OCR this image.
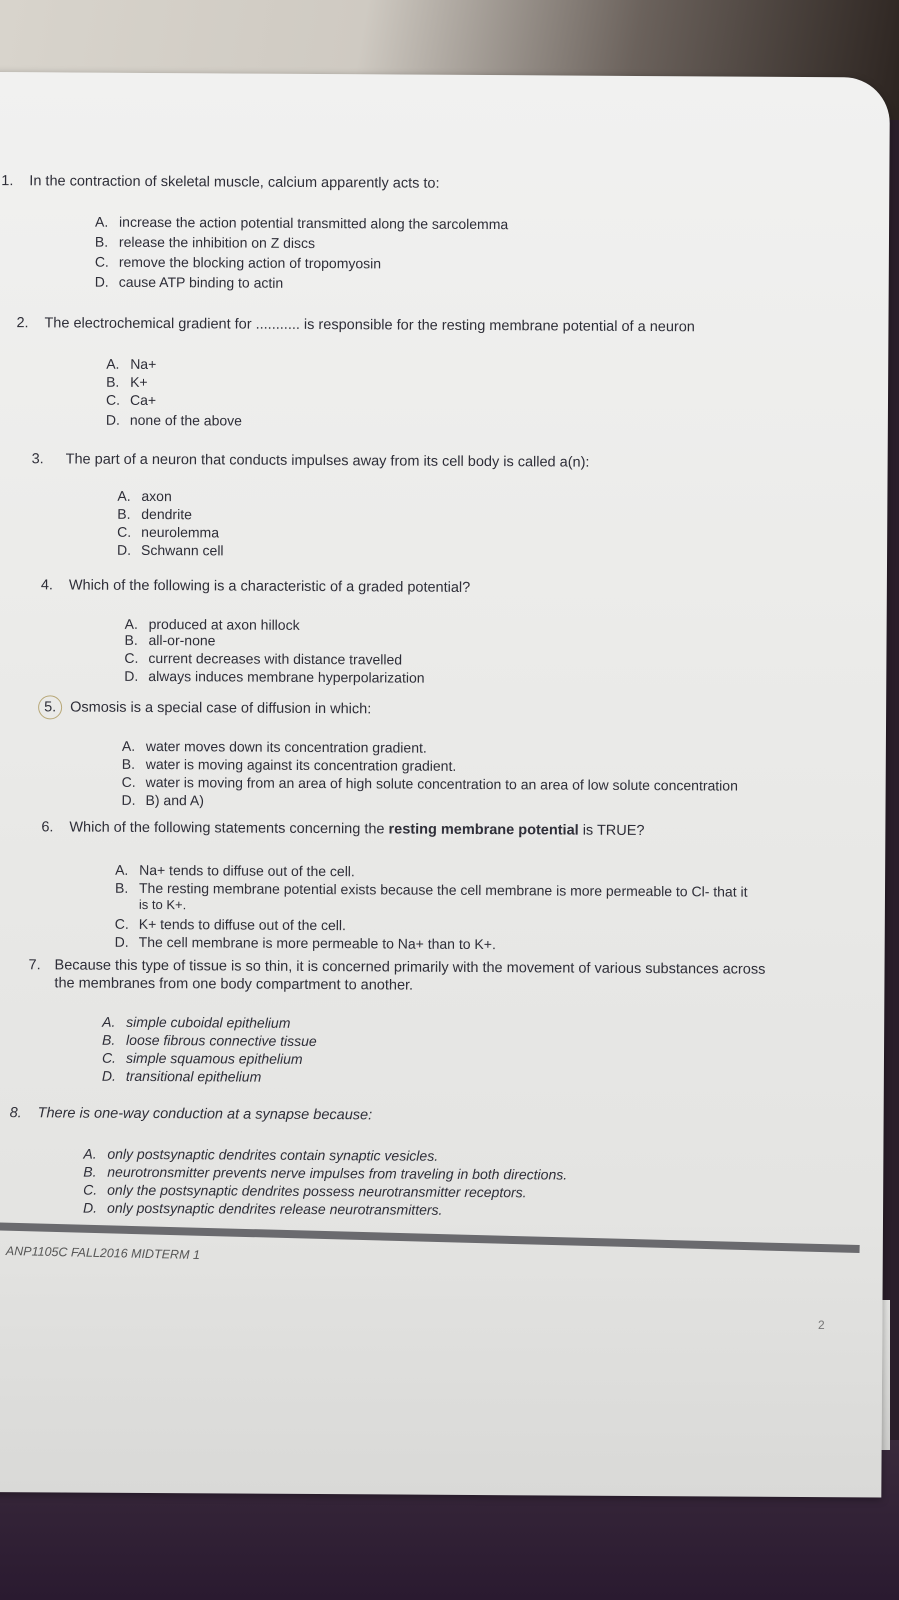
1. In the contraction of skeletal muscle, calcium apparently acts to:
A. increase the action potential transmitted along the sarcolemma
B. release the inhibition on Z discs
C. remove the blocking action of tropomyosin
D. cause ATP binding to actin
2. The electrochemical gradient for ........... is responsible for the resting membrane potential of a neuron
A. Na+
B. K+
C. Ca+
D. none of the above
3. The part of a neuron that conducts impulses away from its cell body is called a(n):
A. axon
B. dendrite
C. neurolemma
D. Schwann cell
4. Which of the following is a characteristic of a graded potential?
A. produced at axon hillock
B. all-or-none
C. current decreases with distance travelled
D. always induces membrane hyperpolarization
5. Osmosis is a special case of diffusion in which:
A. water moves down its concentration gradient.
B. water is moving against its concentration gradient.
C. water is moving from an area of high solute concentration to an area of low solute concentration
D. B) and A)
6. Which of the following statements concerning the resting membrane potential is TRUE?
A. Na+ tends to diffuse out of the cell.
B. The resting membrane potential exists because the cell membrane is more permeable to Cl- that it
is to K+.
C. K+ tends to diffuse out of the cell.
D. The cell membrane is more permeable to Na+ than to K+.
7. Because this type of tissue is so thin, it is concerned primarily with the movement of various substances across
the membranes from one body compartment to another.
A. simple cuboidal epithelium
B. loose fibrous connective tissue
C. simple squamous epithelium
D. transitional epithelium
8. There is one-way conduction at a synapse because:
A. only postsynaptic dendrites contain synaptic vesicles.
B. neurotronsmitter prevents nerve impulses from traveling in both directions.
C. only the postsynaptic dendrites possess neurotransmitter receptors.
D. only postsynaptic dendrites release neurotransmitters.
ANP1105C FALL2016 MIDTERM 1
2
